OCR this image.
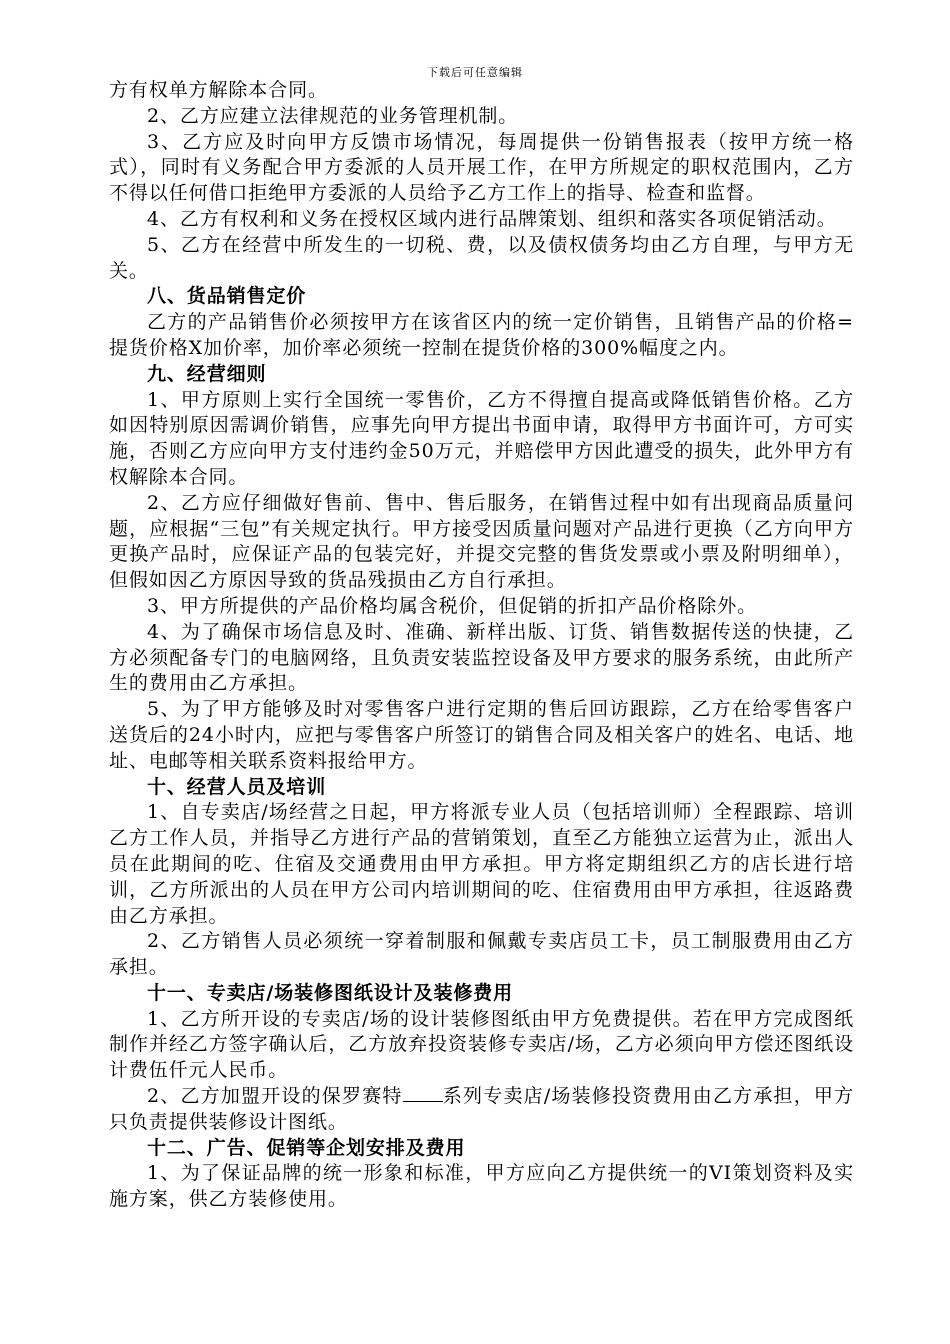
下载后可任意编辑

方有权单方解除本合同。

2、乙方应建立法律规范的业务管理机制。

3、乙方应及时向甲方反馈市场情况，每周提供一份销售报表（按甲方统一格式），同时有义务配合甲方委派的人员开展工作，在甲方所规定的职权范围内，乙方不得以任何借口拒绝甲方委派的人员给予乙方工作上的指导、检查和监督。

4、乙方有权利和义务在授权区域内进行品牌策划、组织和落实各项促销活动。

5、乙方在经营中所发生的一切税、费，以及债权债务均由乙方自理，与甲方无关。

八、货品销售定价

乙方的产品销售价必须按甲方在该省区内的统一定价销售，且销售产品的价格=提货价格X加价率，加价率必须统一控制在提货价格的300%幅度之内。

九、经营细则

1、甲方原则上实行全国统一零售价，乙方不得擅自提高或降低销售价格。乙方如因特别原因需调价销售，应事先向甲方提出书面申请，取得甲方书面许可，方可实施，否则乙方应向甲方支付违约金50万元，并赔偿甲方因此遭受的损失，此外甲方有权解除本合同。

2、乙方应仔细做好售前、售中、售后服务，在销售过程中如有出现商品质量问题，应根据“三包”有关规定执行。甲方接受因质量问题对产品进行更换（乙方向甲方更换产品时，应保证产品的包装完好，并提交完整的售货发票或小票及附明细单），但假如因乙方原因导致的货品残损由乙方自行承担。

3、甲方所提供的产品价格均属含税价，但促销的折扣产品价格除外。

4、为了确保市场信息及时、准确、新样出版、订货、销售数据传送的快捷，乙方必须配备专门的电脑网络，且负责安装监控设备及甲方要求的服务系统，由此所产生的费用由乙方承担。

5、为了甲方能够及时对零售客户进行定期的售后回访跟踪，乙方在给零售客户送货后的24小时内，应把与零售客户所签订的销售合同及相关客户的姓名、电话、地址、电邮等相关联系资料报给甲方。

十、经营人员及培训

1、自专卖店/场经营之日起，甲方将派专业人员（包括培训师）全程跟踪、培训乙方工作人员，并指导乙方进行产品的营销策划，直至乙方能独立运营为止，派出人员在此期间的吃、住宿及交通费用由甲方承担。甲方将定期组织乙方的店长进行培训，乙方所派出的人员在甲方公司内培训期间的吃、住宿费用由甲方承担，往返路费由乙方承担。

2、乙方销售人员必须统一穿着制服和佩戴专卖店员工卡，员工制服费用由乙方承担。

十一、专卖店/场装修图纸设计及装修费用

1、乙方所开设的专卖店/场的设计装修图纸由甲方免费提供。若在甲方完成图纸制作并经乙方签字确认后，乙方放弃投资装修专卖店/场，乙方必须向甲方偿还图纸设计费伍仟元人民币。

2、乙方加盟开设的保罗赛特 系列专卖店/场装修投资费用由乙方承担，甲方只负责提供装修设计图纸。

十二、广告、促销等企划安排及费用

1、为了保证品牌的统一形象和标准，甲方应向乙方提供统一的VI策划资料及实施方案，供乙方装修使用。
